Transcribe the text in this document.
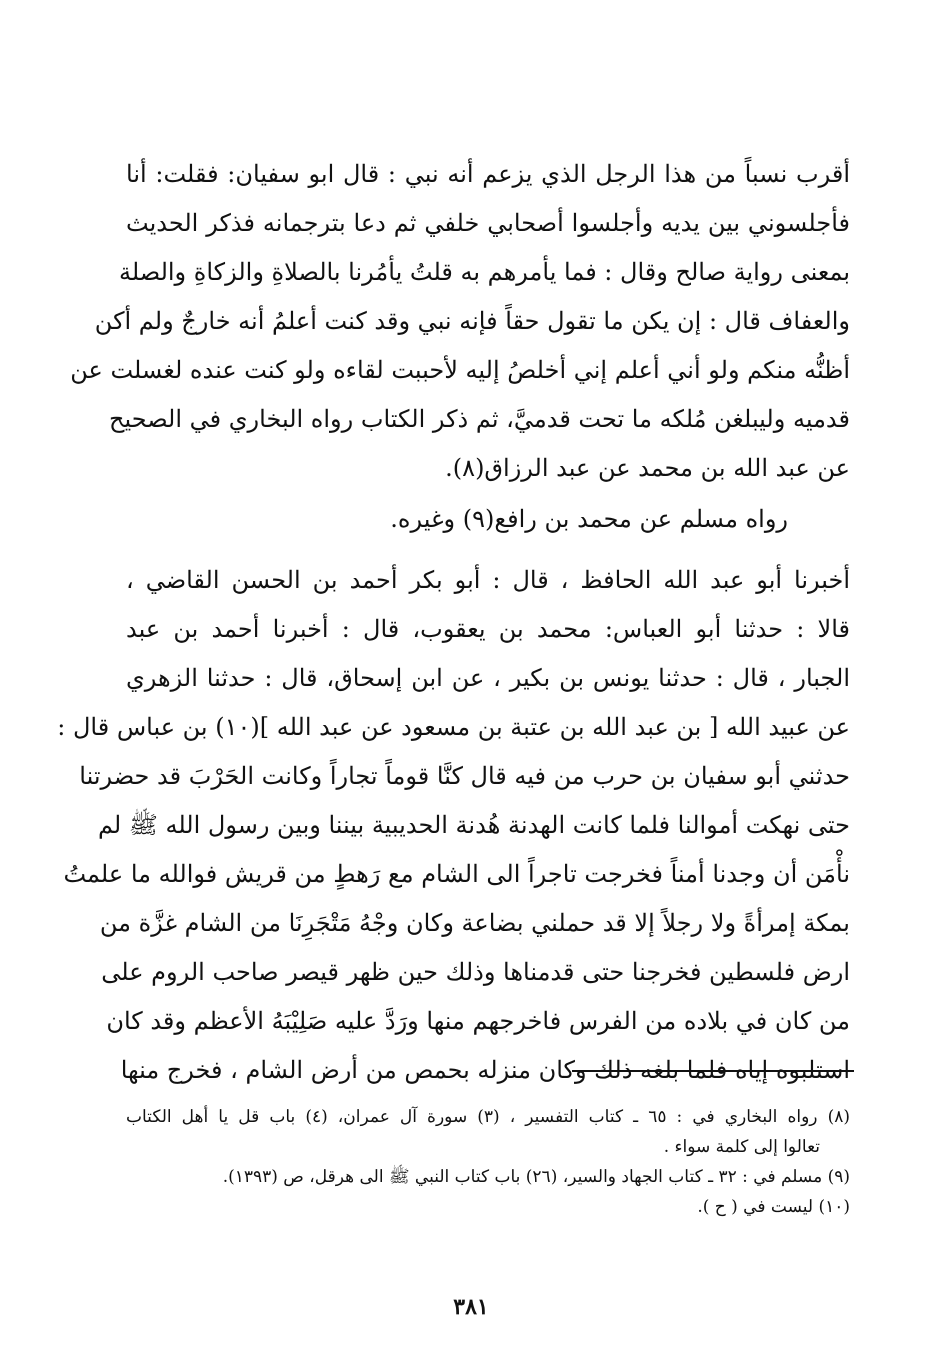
أقرب نسباً من هذا الرجل الذي يزعم أنه نبي : قال ابو سفيان: فقلت: أنا
فأجلسوني بين يديه وأجلسوا أصحابي خلفي ثم دعا بترجمانه فذكر الحديث
بمعنى رواية صالح وقال : فما يأمرهم به قلتُ يأمُرنا بالصلاةِ والزكاةِ والصلة
والعفاف قال : إن يكن ما تقول حقاً فإنه نبي وقد كنت أعلمُ أنه خارجٌ ولم أكن
أظنُّه منكم ولو أني أعلم إني أخلصُ إليه لأحببت لقاءه ولو كنت عنده لغسلت عن
قدميه وليبلغن مُلكه ما تحت قدميَّ، ثم ذكر الكتاب رواه البخاري في الصحيح
عن عبد الله بن محمد عن عبد الرزاق(٨).
رواه مسلم عن محمد بن رافع(٩) وغيره.
أخبرنا أبو عبد الله الحافظ ، قال : أبو بكر أحمد بن الحسن القاضي ،
قالا : حدثنا أبو العباس: محمد بن يعقوب، قال : أخبرنا أحمد بن عبد
الجبار ، قال : حدثنا يونس بن بكير ، عن ابن إسحاق، قال : حدثنا الزهري
عن عبيد الله [ بن عبد الله بن عتبة بن مسعود عن عبد الله ](١٠) بن عباس قال :
حدثني أبو سفيان بن حرب من فيه قال كنَّا قوماً تجاراً وكانت الحَرْبَ قد حضرتنا
حتى نهكت أموالنا فلما كانت الهدنة هُدنة الحديبية بيننا وبين رسول الله ﷺ لم
نأْمَن أن وجدنا أمناً فخرجت تاجراً الى الشام مع رَهطٍ من قريش فوالله ما علمتُ
بمكة إمرأةً ولا رجلاً إلا قد حملني بضاعة وكان وجْهُ مَتْجَرِنَا من الشام غزَّة من
ارض فلسطين فخرجنا حتى قدمناها وذلك حين ظهر قيصر صاحب الروم على
من كان في بلاده من الفرس فاخرجهم منها ورَدَّ عليه صَلِيْبَهُ الأعظم وقد كان
استلبوه إياه فلما بلغه ذلك وكان منزله بحمص من أرض الشام ، فخرج منها
(٨) رواه البخاري في : ٦٥ ـ كتاب التفسير ، (٣) سورة آل عمران، (٤) باب قل يا أهل الكتاب
تعالوا إلى كلمة سواء .
(٩) مسلم في : ٣٢ ـ كتاب الجهاد والسير، (٢٦) باب كتاب النبي ﷺ الى هرقل، ص (١٣٩٣).
(١٠) ليست في ( ح ).
٣٨١
